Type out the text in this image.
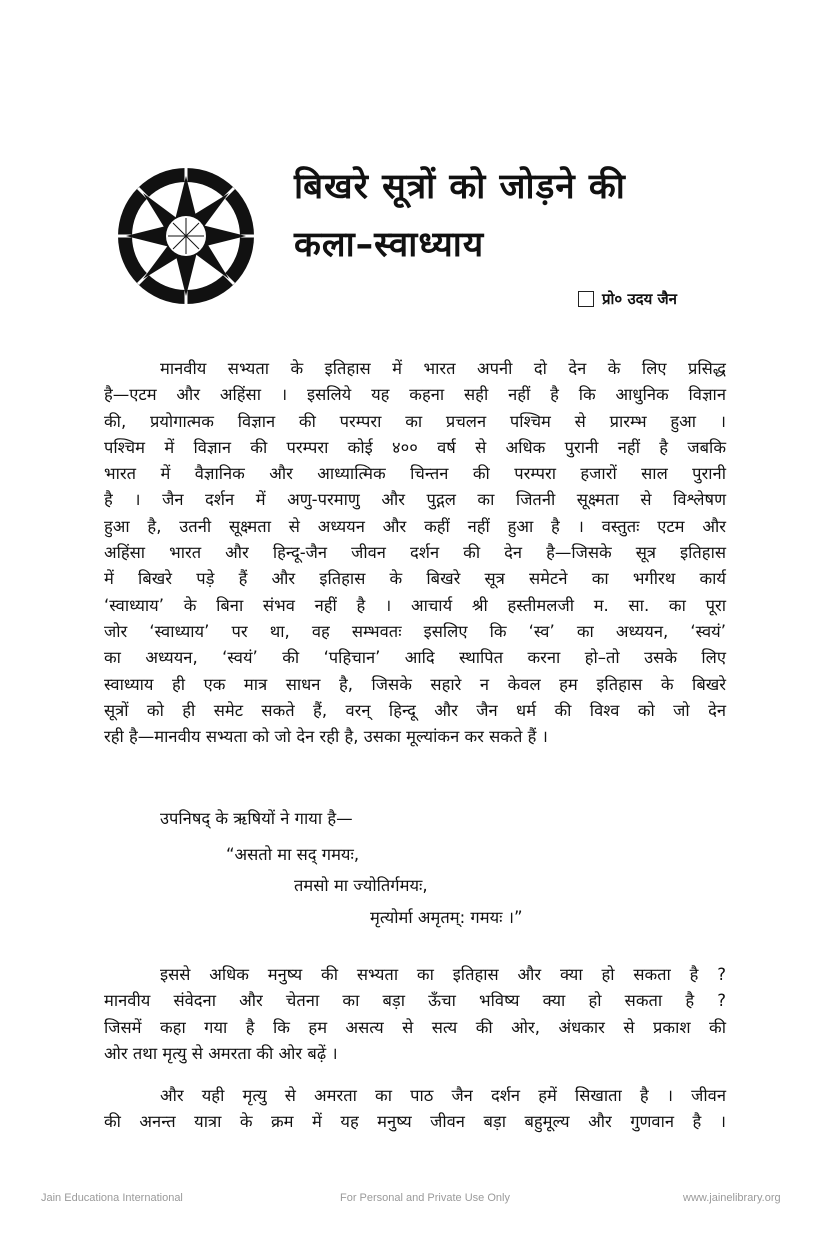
बिखरे सूत्रों को जोड़ने की
कला–स्वाध्याय
प्रो० उदय जैन

मानवीय सभ्यता के इतिहास में भारत अपनी दो देन के लिए प्रसिद्ध

है—एटम और अहिंसा । इसलिये यह कहना सही नहीं है कि आधुनिक विज्ञान

की, प्रयोगात्मक विज्ञान की परम्परा का प्रचलन पश्चिम से प्रारम्भ हुआ ।

पश्चिम में विज्ञान की परम्परा कोई ४०० वर्ष से अधिक पुरानी नहीं है जबकि

भारत में वैज्ञानिक और आध्यात्मिक चिन्तन की परम्परा हजारों साल पुरानी

है । जैन दर्शन में अणु-परमाणु और पुद्गल का जितनी सूक्ष्मता से विश्लेषण

हुआ है, उतनी सूक्ष्मता से अध्ययन और कहीं नहीं हुआ है । वस्तुतः एटम और

अहिंसा भारत और हिन्दू-जैन जीवन दर्शन की देन है—जिसके सूत्र इतिहास

में बिखरे पड़े हैं और इतिहास के बिखरे सूत्र समेटने का भगीरथ कार्य

‘स्वाध्याय’ के बिना संभव नहीं है । आचार्य श्री हस्तीमलजी म. सा. का पूरा

जोर ‘स्वाध्याय’ पर था, वह सम्भवतः इसलिए कि ‘स्व’ का अध्ययन, ‘स्वयं’

का अध्ययन, ‘स्वयं’ की ‘पहिचान’ आदि स्थापित करना हो–तो उसके लिए

स्वाध्याय ही एक मात्र साधन है, जिसके सहारे न केवल हम इतिहास के बिखरे

सूत्रों को ही समेट सकते हैं, वरन् हिन्दू और जैन धर्म की विश्व को जो देन

रही है—मानवीय सभ्यता को जो देन रही है, उसका मूल्यांकन कर सकते हैं ।

उपनिषद् के ऋषियों ने गाया है—
“असतो मा सद् गमयः,
तमसो मा ज्योतिर्गमयः,
मृत्योर्मा अमृतम्: गमयः ।”

इससे अधिक मनुष्य की सभ्यता का इतिहास और क्या हो सकता है ?

मानवीय संवेदना और चेतना का बड़ा ऊँचा भविष्य क्या हो सकता है ?

जिसमें कहा गया है कि हम असत्य से सत्य की ओर, अंधकार से प्रकाश की

ओर तथा मृत्यु से अमरता की ओर बढ़ें ।

और यही मृत्यु से अमरता का पाठ जैन दर्शन हमें सिखाता है । जीवन

की अनन्त यात्रा के क्रम में यह मनुष्य जीवन बड़ा बहुमूल्य और गुणवान है ।

Jain Educationa International	For Personal and Private Use Only	www.jainelibrary.org
